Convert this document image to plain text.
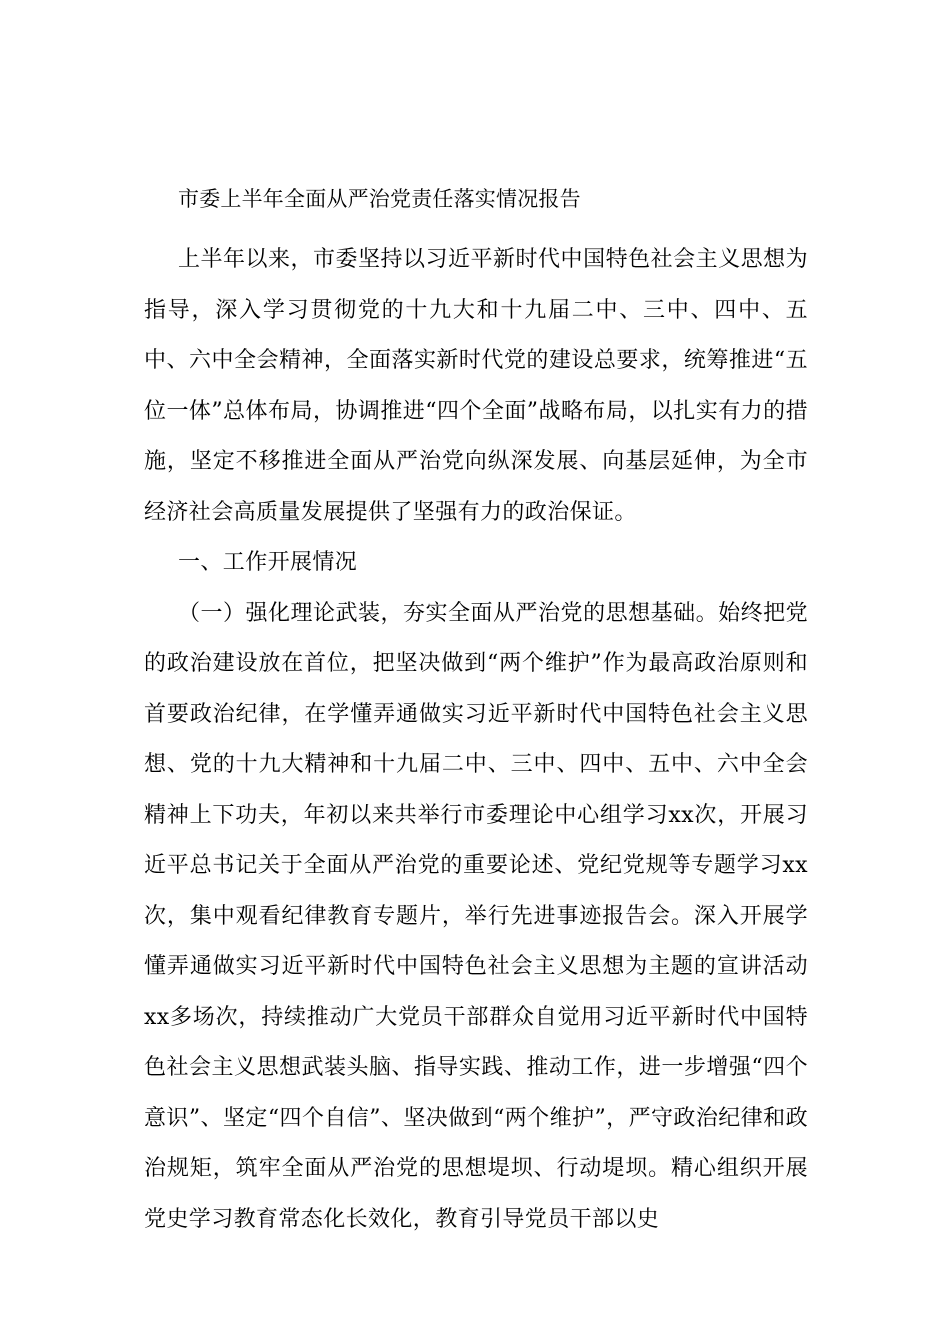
市委上半年全面从严治党责任落实情况报告

上半年以来，市委坚持以习近平新时代中国特色社会主义思想为指导，深入学习贯彻党的十九大和十九届二中、三中、四中、五中、六中全会精神，全面落实新时代党的建设总要求，统筹推进“五位一体”总体布局，协调推进“四个全面”战略布局，以扎实有力的措施，坚定不移推进全面从严治党向纵深发展、向基层延伸，为全市经济社会高质量发展提供了坚强有力的政治保证。

一、工作开展情况

（一）强化理论武装，夯实全面从严治党的思想基础。始终把党的政治建设放在首位，把坚决做到“两个维护”作为最高政治原则和首要政治纪律，在学懂弄通做实习近平新时代中国特色社会主义思想、党的十九大精神和十九届二中、三中、四中、五中、六中全会精神上下功夫，年初以来共举行市委理论中心组学习xx次，开展习近平总书记关于全面从严治党的重要论述、党纪党规等专题学习xx次，集中观看纪律教育专题片，举行先进事迹报告会。深入开展学懂弄通做实习近平新时代中国特色社会主义思想为主题的宣讲活动xx多场次，持续推动广大党员干部群众自觉用习近平新时代中国特色社会主义思想武装头脑、指导实践、推动工作，进一步增强“四个意识”、坚定“四个自信”、坚决做到“两个维护”，严守政治纪律和政治规矩，筑牢全面从严治党的思想堤坝、行动堤坝。精心组织开展党史学习教育常态化长效化，教育引导党员干部以史
